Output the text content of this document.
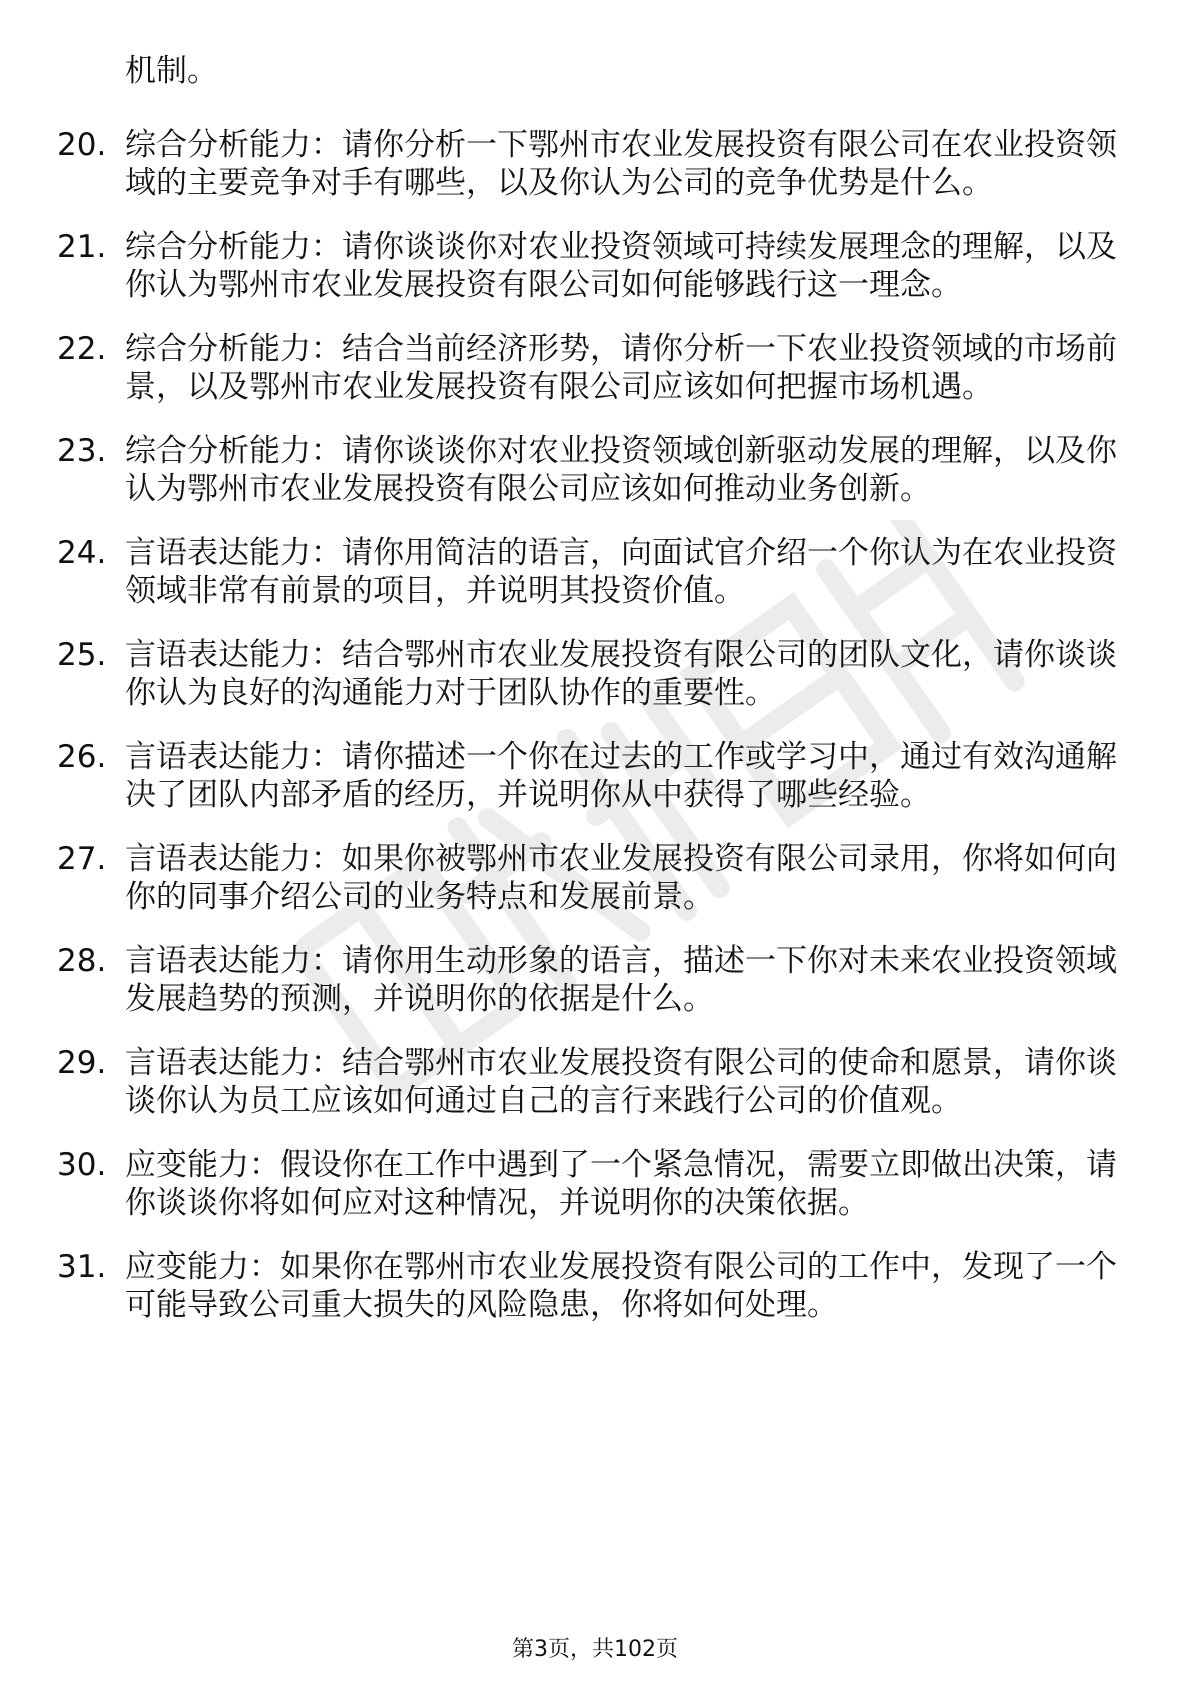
机制。
20. 综合分析能力：请你分析一下鄂州市农业发展投资有限公司在农业投资领域的主要竞争对手有哪些，以及你认为公司的竞争优势是什么。
21. 综合分析能力：请你谈谈你对农业投资领域可持续发展理念的理解，以及你认为鄂州市农业发展投资有限公司如何能够践行这一理念。
22. 综合分析能力：结合当前经济形势，请你分析一下农业投资领域的市场前景，以及鄂州市农业发展投资有限公司应该如何把握市场机遇。
23. 综合分析能力：请你谈谈你对农业投资领域创新驱动发展的理解，以及你认为鄂州市农业发展投资有限公司应该如何推动业务创新。
24. 言语表达能力：请你用简洁的语言，向面试官介绍一个你认为在农业投资领域非常有前景的项目，并说明其投资价值。
25. 言语表达能力：结合鄂州市农业发展投资有限公司的团队文化，请你谈谈你认为良好的沟通能力对于团队协作的重要性。
26. 言语表达能力：请你描述一个你在过去的工作或学习中，通过有效沟通解决了团队内部矛盾的经历，并说明你从中获得了哪些经验。
27. 言语表达能力：如果你被鄂州市农业发展投资有限公司录用，你将如何向你的同事介绍公司的业务特点和发展前景。
28. 言语表达能力：请你用生动形象的语言，描述一下你对未来农业投资领域发展趋势的预测，并说明你的依据是什么。
29. 言语表达能力：结合鄂州市农业发展投资有限公司的使命和愿景，请你谈谈你认为员工应该如何通过自己的言行来践行公司的价值观。
30. 应变能力：假设你在工作中遇到了一个紧急情况，需要立即做出决策，请你谈谈你将如何应对这种情况，并说明你的决策依据。
31. 应变能力：如果你在鄂州市农业发展投资有限公司的工作中，发现了一个可能导致公司重大损失的风险隐患，你将如何处理。
第3页，共102页
